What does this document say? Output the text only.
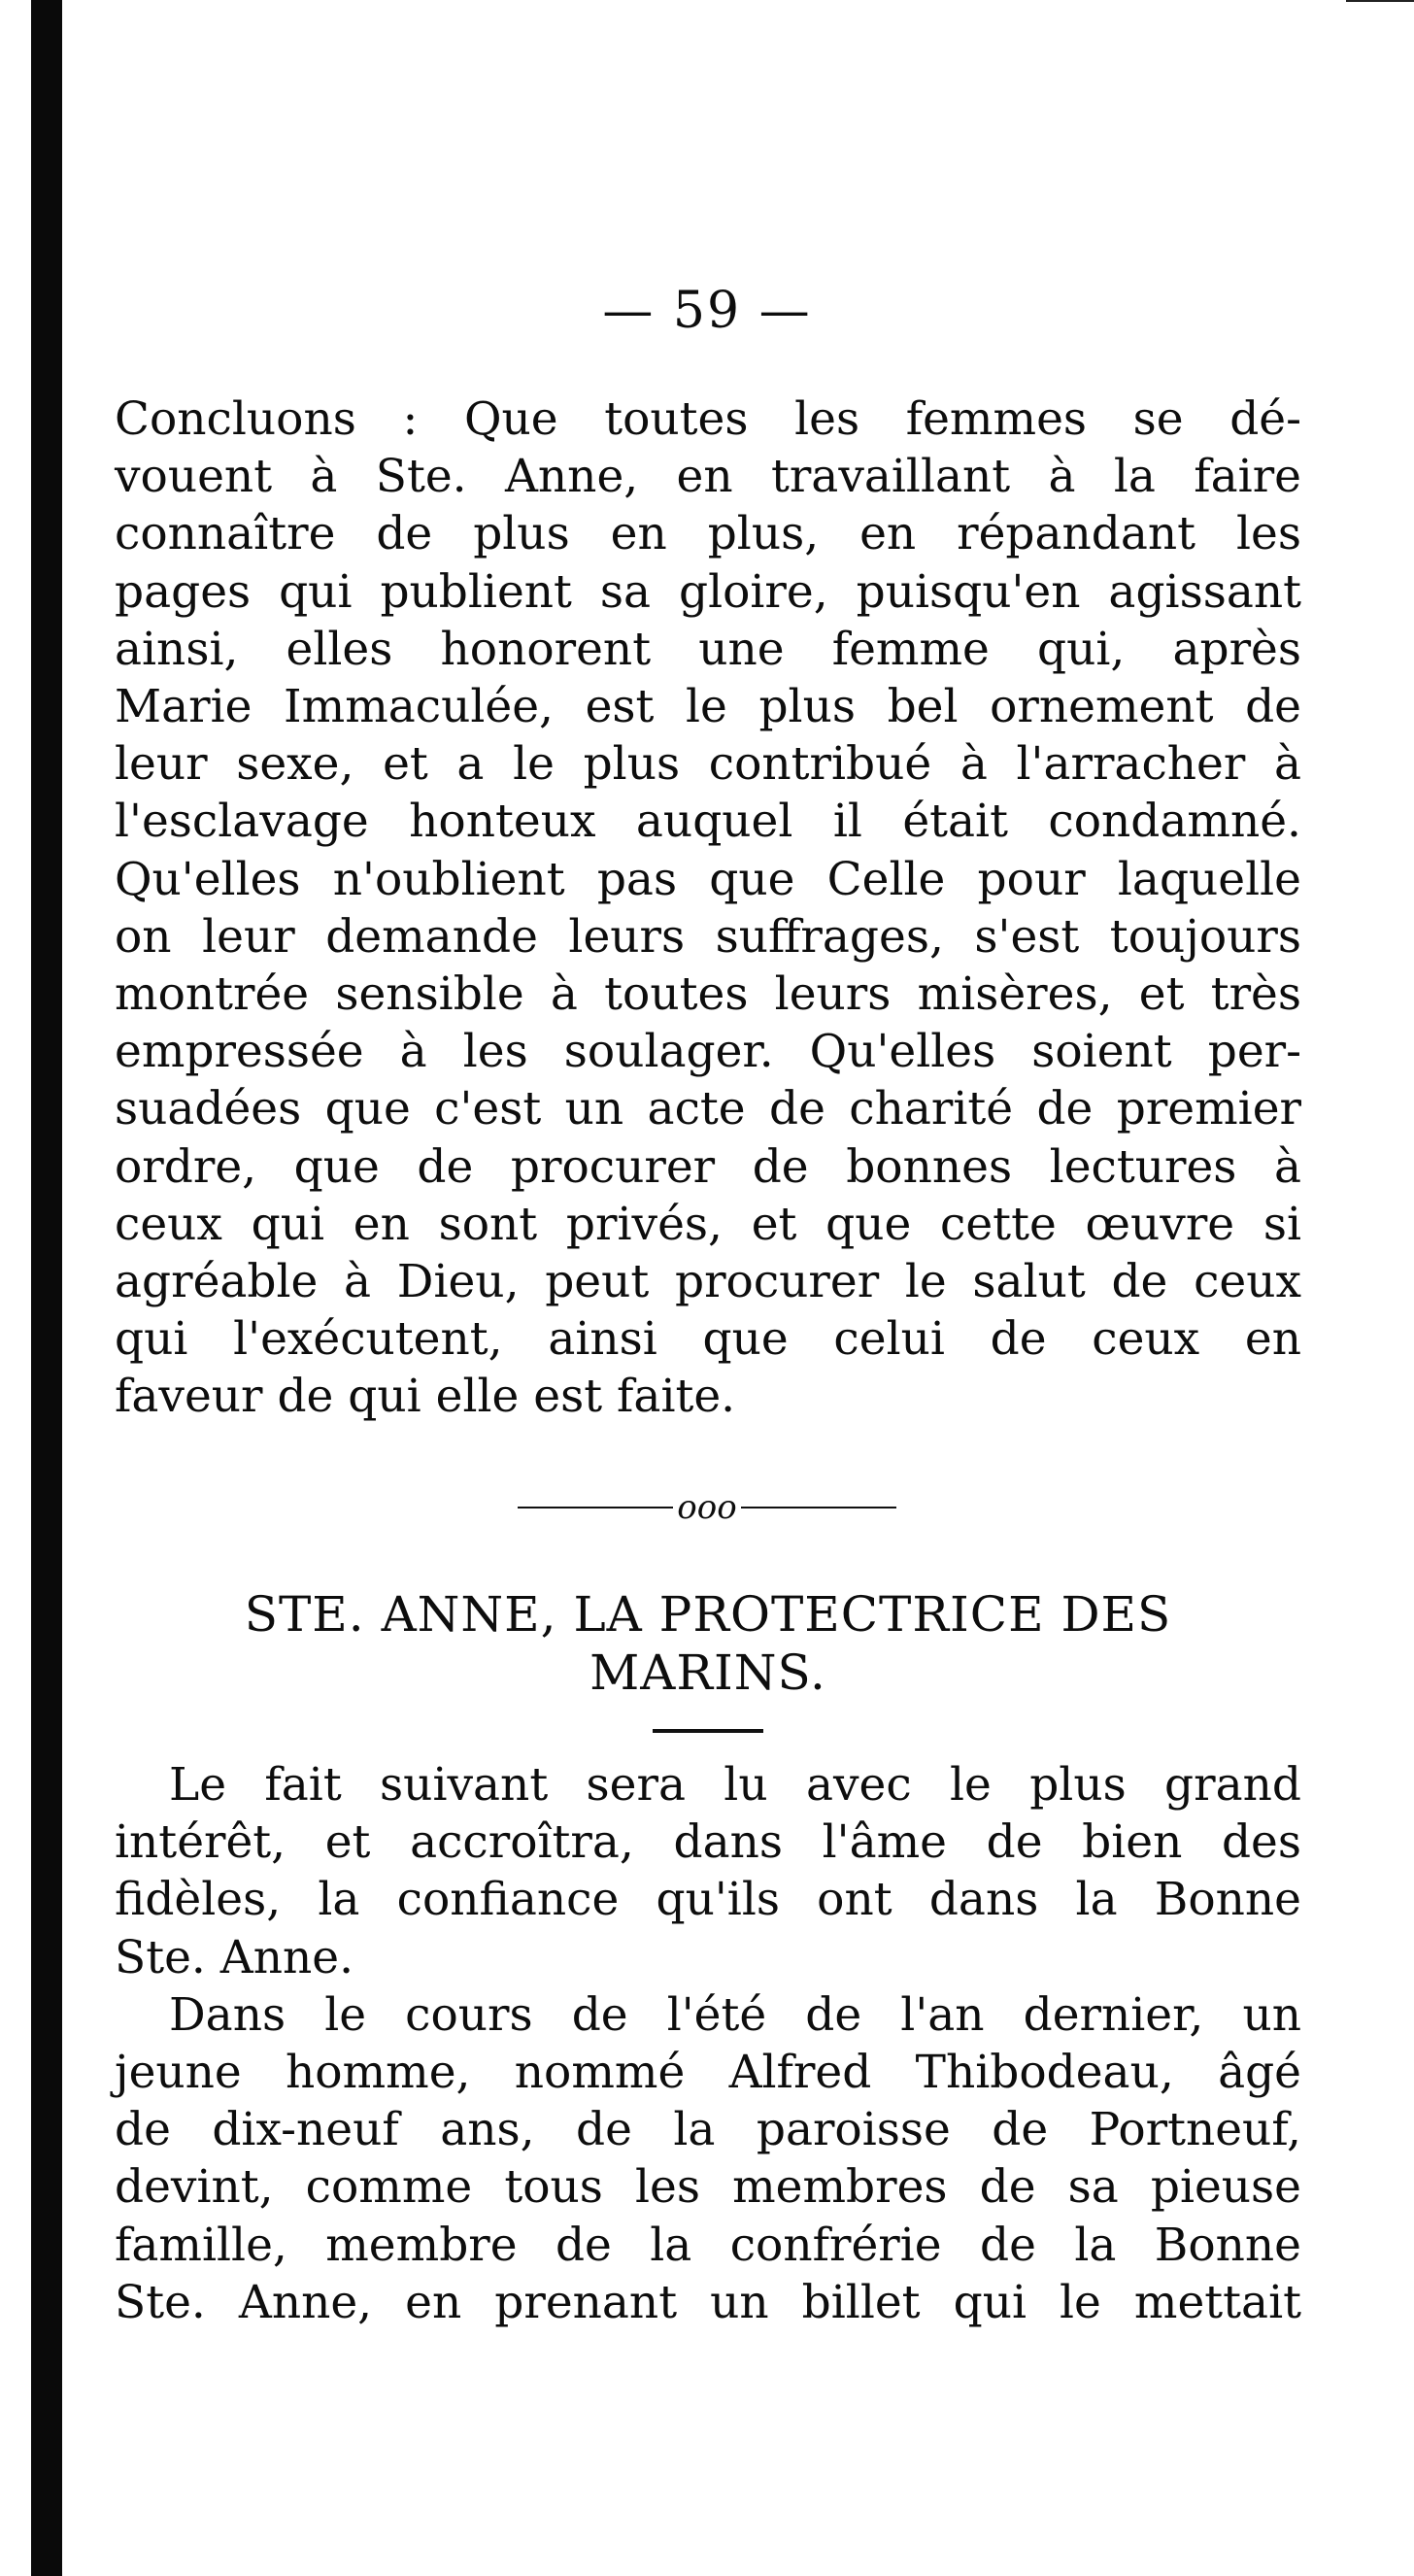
— 59 —
Concluons : Que toutes les femmes se dé-
vouent à Ste. Anne, en travaillant à la faire
connaître de plus en plus, en répandant les
pages qui publient sa gloire, puisqu'en agissant
ainsi, elles honorent une femme qui, après
Marie Immaculée, est le plus bel ornement de
leur sexe, et a le plus contribué à l'arracher à
l'esclavage honteux auquel il était condamné.
Qu'elles n'oublient pas que Celle pour laquelle
on leur demande leurs suffrages, s'est toujours
montrée sensible à toutes leurs misères, et très
empressée à les soulager. Qu'elles soient per-
suadées que c'est un acte de charité de premier
ordre, que de procurer de bonnes lectures à
ceux qui en sont privés, et que cette œuvre si
agréable à Dieu, peut procurer le salut de ceux
qui l'exécutent, ainsi que celui de ceux en
faveur de qui elle est faite.
ooo
STE. ANNE, LA PROTECTRICE DES
MARINS.
Le fait suivant sera lu avec le plus grand
intérêt, et accroîtra, dans l'âme de bien des
fidèles, la confiance qu'ils ont dans la Bonne
Ste. Anne.
Dans le cours de l'été de l'an dernier, un
jeune homme, nommé Alfred Thibodeau, âgé
de dix-neuf ans, de la paroisse de Portneuf,
devint, comme tous les membres de sa pieuse
famille, membre de la confrérie de la Bonne
Ste. Anne, en prenant un billet qui le mettait
